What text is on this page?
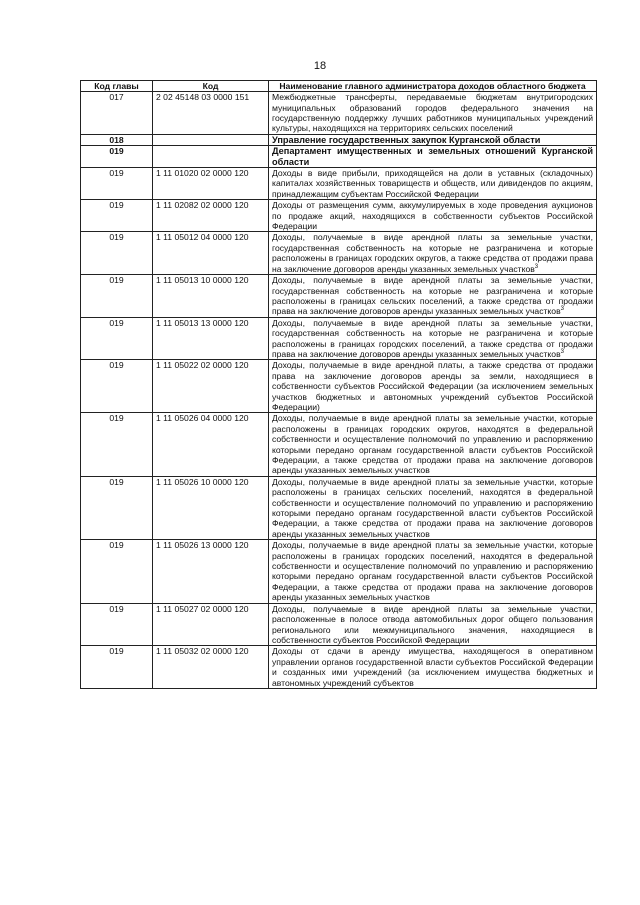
18
Код главы	Код	Наименование главного администратора доходов областного бюджета
017	2 02 45148 03 0000 151	Межбюджетные трансферты, передаваемые бюджетам внутригородских муниципальных образований городов федерального значения на государственную поддержку лучших работников муниципальных учреждений культуры, находящихся на территориях сельских поселений
018		Управление государственных закупок Курганской области
019		Департамент имущественных и земельных отношений Курганской области
019	1 11 01020 02 0000 120	Доходы в виде прибыли, приходящейся на доли в уставных (складочных) капиталах хозяйственных товариществ и обществ, или дивидендов по акциям, принадлежащим субъектам Российской Федерации
019	1 11 02082 02 0000 120	Доходы от размещения сумм, аккумулируемых в ходе проведения аукционов по продаже акций, находящихся в собственности субъектов Российской Федерации
019	1 11 05012 04 0000 120	Доходы, получаемые в виде арендной платы за земельные участки, государственная собственность на которые не разграничена и которые расположены в границах городских округов, а также средства от продажи права на заключение договоров аренды указанных земельных участков$^3$
019	1 11 05013 10 0000 120	Доходы, получаемые в виде арендной платы за земельные участки, государственная собственность на которые не разграничена и которые расположены в границах сельских поселений, а также средства от продажи права на заключение договоров аренды указанных земельных участков$^3$
019	1 11 05013 13 0000 120	Доходы, получаемые в виде арендной платы за земельные участки, государственная собственность на которые не разграничена и которые расположены в границах городских поселений, а также средства от продажи права на заключение договоров аренды указанных земельных участков$^3$
019	1 11 05022 02 0000 120	Доходы, получаемые в виде арендной платы, а также средства от продажи права на заключение договоров аренды за земли, находящиеся в собственности субъектов Российской Федерации (за исключением земельных участков бюджетных и автономных учреждений субъектов Российской Федерации)
019	1 11 05026 04 0000 120	Доходы, получаемые в виде арендной платы за земельные участки, которые расположены в границах городских округов, находятся в федеральной собственности и осуществление полномочий по управлению и распоряжению которыми передано органам государственной власти субъектов Российской Федерации, а также средства от продажи права на заключение договоров аренды указанных земельных участков
019	1 11 05026 10 0000 120	Доходы, получаемые в виде арендной платы за земельные участки, которые расположены в границах сельских поселений, находятся в федеральной собственности и осуществление полномочий по управлению и распоряжению которыми передано органам государственной власти субъектов Российской Федерации, а также средства от продажи права на заключение договоров аренды указанных земельных участков
019	1 11 05026 13 0000 120	Доходы, получаемые в виде арендной платы за земельные участки, которые расположены в границах городских поселений, находятся в федеральной собственности и осуществление полномочий по управлению и распоряжению которыми передано органам государственной власти субъектов Российской Федерации, а также средства от продажи права на заключение договоров аренды указанных земельных участков
019	1 11 05027 02 0000 120	Доходы, получаемые в виде арендной платы за земельные участки, расположенные в полосе отвода автомобильных дорог общего пользования регионального или межмуниципального значения, находящиеся в собственности субъектов Российской Федерации
019	1 11 05032 02 0000 120	Доходы от сдачи в аренду имущества, находящегося в оперативном управлении органов государственной власти субъектов Российской Федерации и созданных ими учреждений (за исключением имущества бюджетных и автономных учреждений субъектов
